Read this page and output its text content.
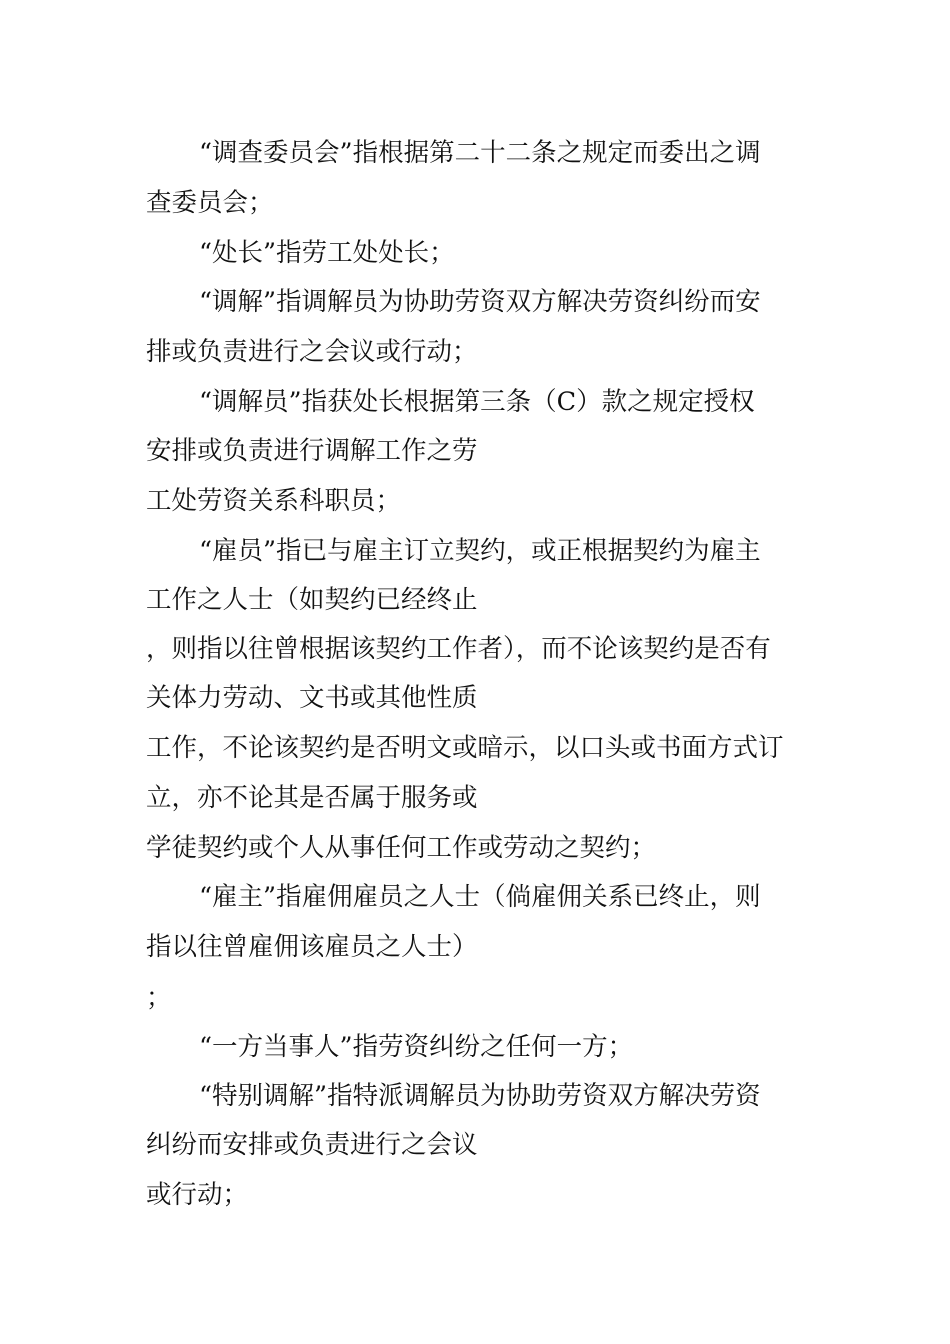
“调查委员会”指根据第二十二条之规定而委出之调

查委员会；

“处长”指劳工处处长；

“调解”指调解员为协助劳资双方解决劳资纠纷而安

排或负责进行之会议或行动；

“调解员”指获处长根据第三条（C）款之规定授权

安排或负责进行调解工作之劳

工处劳资关系科职员；

“雇员”指已与雇主订立契约，或正根据契约为雇主

工作之人士（如契约已经终止

，则指以往曾根据该契约工作者），而不论该契约是否有

关体力劳动、文书或其他性质

工作，不论该契约是否明文或暗示，以口头或书面方式订

立，亦不论其是否属于服务或

学徒契约或个人从事任何工作或劳动之契约；

“雇主”指雇佣雇员之人士（倘雇佣关系已终止，则

指以往曾雇佣该雇员之人士）

；

“一方当事人”指劳资纠纷之任何一方；

“特别调解”指特派调解员为协助劳资双方解决劳资

纠纷而安排或负责进行之会议

或行动；
